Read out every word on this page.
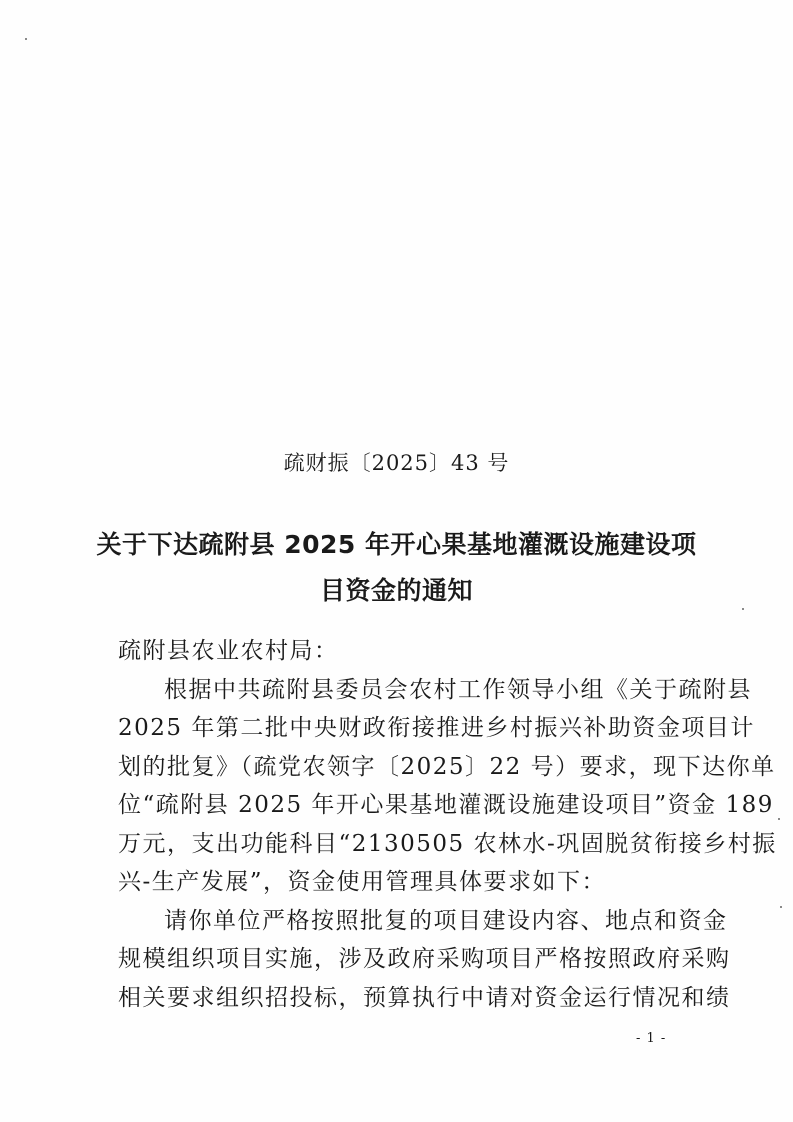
疏财振〔2025〕43 号
关于下达疏附县 2025 年开心果基地灌溉设施建设项
目资金的通知
疏附县农业农村局：
根据中共疏附县委员会农村工作领导小组《关于疏附县
2025 年第二批中央财政衔接推进乡村振兴补助资金项目计
划的批复》（疏党农领字〔2025〕22 号）要求，现下达你单
位“疏附县 2025 年开心果基地灌溉设施建设项目”资金 189
万元，支出功能科目“2130505 农林水-巩固脱贫衔接乡村振
兴-生产发展”，资金使用管理具体要求如下：
请你单位严格按照批复的项目建设内容、地点和资金
规模组织项目实施，涉及政府采购项目严格按照政府采购
相关要求组织招投标，预算执行中请对资金运行情况和绩
- 1 -
